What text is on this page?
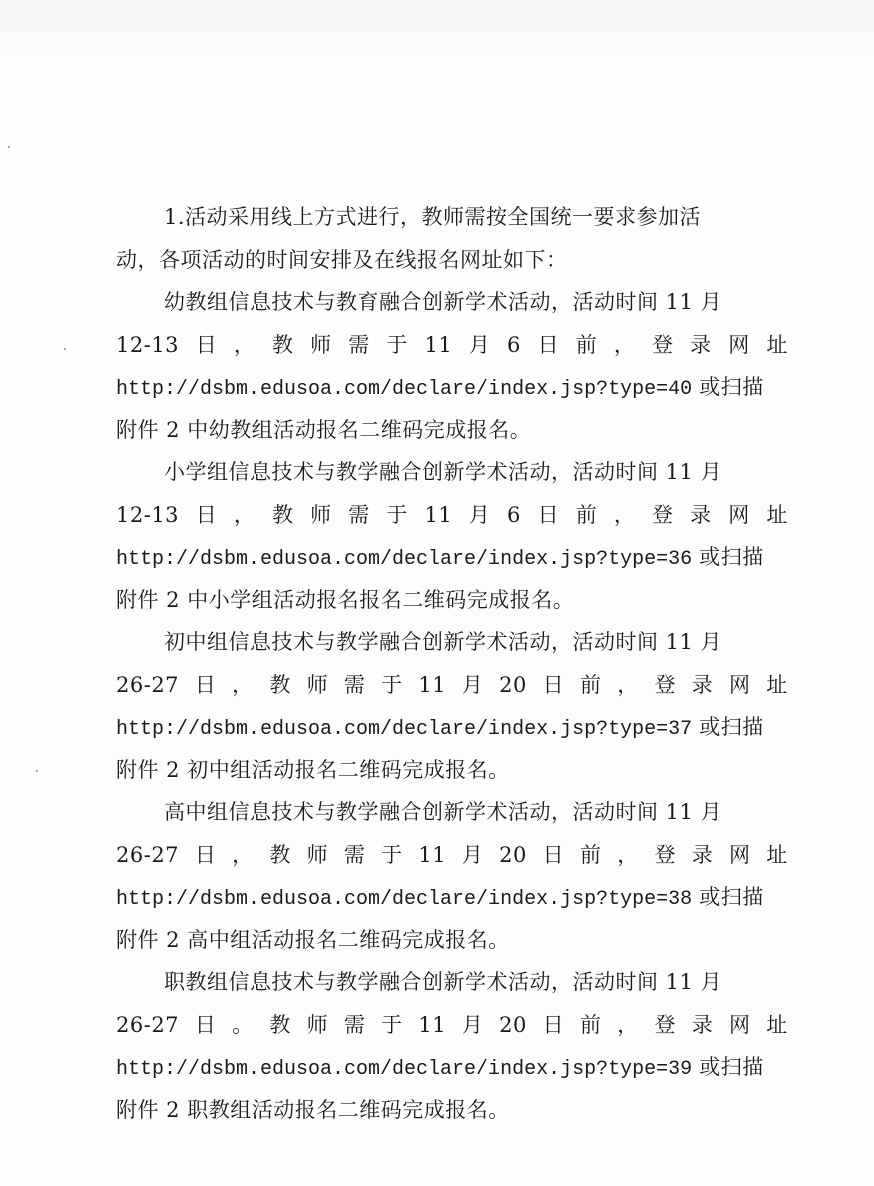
1.活动采用线上方式进行，教师需按全国统一要求参加活
动，各项活动的时间安排及在线报名网址如下：
幼教组信息技术与教育融合创新学术活动，活动时间 11 月
12-13 日 ， 教 师 需 于 11 月 6 日 前 ， 登 录 网 址
http://dsbm.edusoa.com/declare/index.jsp?type=40 或扫描
附件 2 中幼教组活动报名二维码完成报名。
小学组信息技术与教学融合创新学术活动，活动时间 11 月
12-13 日 ， 教 师 需 于 11 月 6 日 前 ， 登 录 网 址
http://dsbm.edusoa.com/declare/index.jsp?type=36 或扫描
附件 2 中小学组活动报名报名二维码完成报名。
初中组信息技术与教学融合创新学术活动，活动时间 11 月
26-27 日 ， 教 师 需 于 11 月 20 日 前 ， 登 录 网 址
http://dsbm.edusoa.com/declare/index.jsp?type=37 或扫描
附件 2 初中组活动报名二维码完成报名。
高中组信息技术与教学融合创新学术活动，活动时间 11 月
26-27 日 ， 教 师 需 于 11 月 20 日 前 ， 登 录 网 址
http://dsbm.edusoa.com/declare/index.jsp?type=38 或扫描
附件 2 高中组活动报名二维码完成报名。
职教组信息技术与教学融合创新学术活动，活动时间 11 月
26-27 日 。 教 师 需 于 11 月 20 日 前 ， 登 录 网 址
http://dsbm.edusoa.com/declare/index.jsp?type=39 或扫描
附件 2 职教组活动报名二维码完成报名。
